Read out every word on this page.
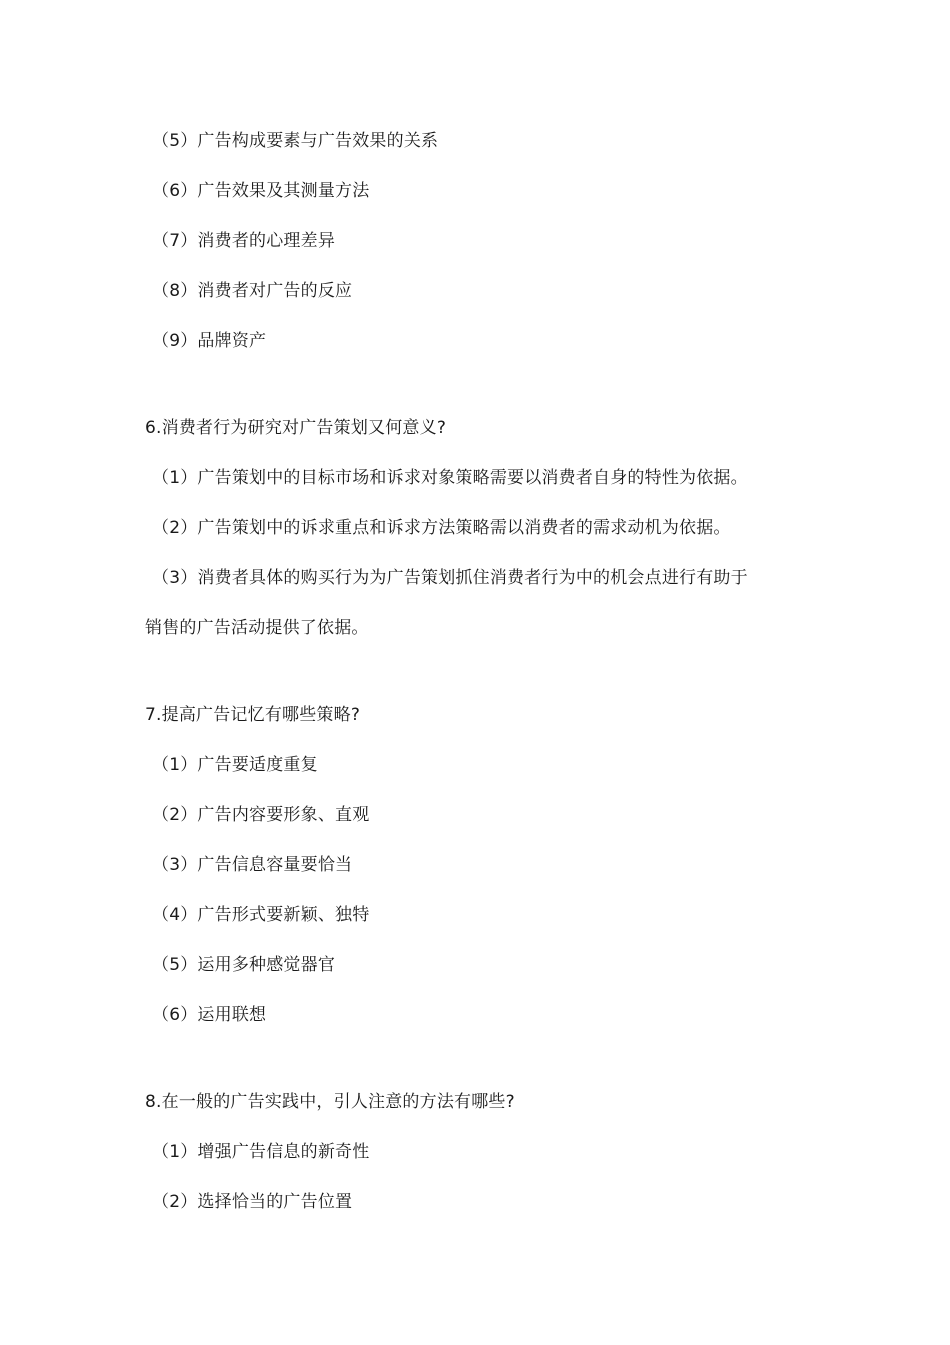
（5）广告构成要素与广告效果的关系
（6）广告效果及其测量方法
（7）消费者的心理差异
（8）消费者对广告的反应
（9）品牌资产
6.消费者行为研究对广告策划又何意义?
（1）广告策划中的目标市场和诉求对象策略需要以消费者自身的特性为依据。
（2）广告策划中的诉求重点和诉求方法策略需以消费者的需求动机为依据。
（3）消费者具体的购买行为为广告策划抓住消费者行为中的机会点进行有助于
销售的广告活动提供了依据。
7.提高广告记忆有哪些策略?
（1）广告要适度重复
（2）广告内容要形象、直观
（3）广告信息容量要恰当
（4）广告形式要新颖、独特
（5）运用多种感觉器官
（6）运用联想
8.在一般的广告实践中，引人注意的方法有哪些?
（1）增强广告信息的新奇性
（2）选择恰当的广告位置
